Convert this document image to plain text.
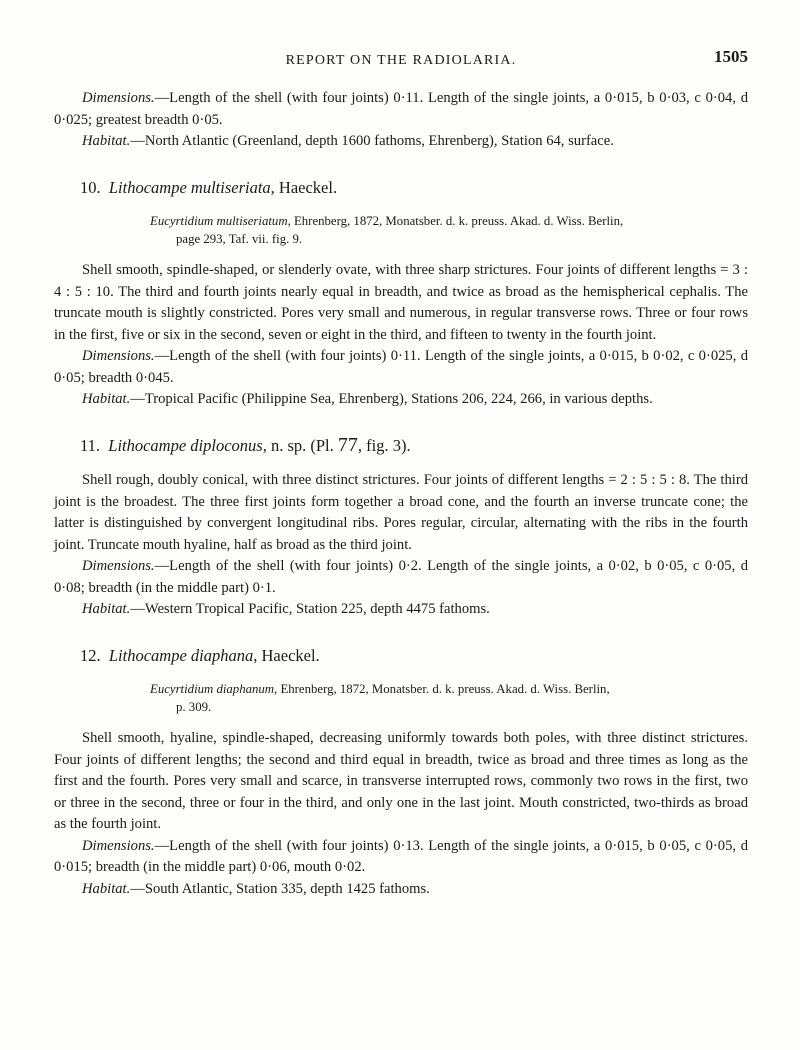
REPORT ON THE RADIOLARIA.	1505

Dimensions.—Length of the shell (with four joints) 0·11. Length of the single joints, a 0·015, b 0·03, c 0·04, d 0·025; greatest breadth 0·05.

Habitat.—North Atlantic (Greenland, depth 1600 fathoms, Ehrenberg), Station 64, surface.

10. Lithocampe multiseriata, Haeckel.
Eucyrtidium multiseriatum, Ehrenberg, 1872, Monatsber. d. k. preuss. Akad. d. Wiss. Berlin,
page 293, Taf. vii. fig. 9.

Shell smooth, spindle-shaped, or slenderly ovate, with three sharp strictures. Four joints of different lengths = 3 : 4 : 5 : 10. The third and fourth joints nearly equal in breadth, and twice as broad as the hemispherical cephalis. The truncate mouth is slightly constricted. Pores very small and numerous, in regular transverse rows. Three or four rows in the first, five or six in the second, seven or eight in the third, and fifteen to twenty in the fourth joint.

Dimensions.—Length of the shell (with four joints) 0·11. Length of the single joints, a 0·015, b 0·02, c 0·025, d 0·05; breadth 0·045.

Habitat.—Tropical Pacific (Philippine Sea, Ehrenberg), Stations 206, 224, 266, in various depths.

11. Lithocampe diploconus, n. sp. (Pl. 77, fig. 3).

Shell rough, doubly conical, with three distinct strictures. Four joints of different lengths = 2 : 5 : 5 : 8. The third joint is the broadest. The three first joints form together a broad cone, and the fourth an inverse truncate cone; the latter is distinguished by convergent longitudinal ribs. Pores regular, circular, alternating with the ribs in the fourth joint. Truncate mouth hyaline, half as broad as the third joint.

Dimensions.—Length of the shell (with four joints) 0·2. Length of the single joints, a 0·02, b 0·05, c 0·05, d 0·08; breadth (in the middle part) 0·1.

Habitat.—Western Tropical Pacific, Station 225, depth 4475 fathoms.

12. Lithocampe diaphana, Haeckel.
Eucyrtidium diaphanum, Ehrenberg, 1872, Monatsber. d. k. preuss. Akad. d. Wiss. Berlin,
p. 309.

Shell smooth, hyaline, spindle-shaped, decreasing uniformly towards both poles, with three distinct strictures. Four joints of different lengths; the second and third equal in breadth, twice as broad and three times as long as the first and the fourth. Pores very small and scarce, in transverse interrupted rows, commonly two rows in the first, two or three in the second, three or four in the third, and only one in the last joint. Mouth constricted, two-thirds as broad as the fourth joint.

Dimensions.—Length of the shell (with four joints) 0·13. Length of the single joints, a 0·015, b 0·05, c 0·05, d 0·015; breadth (in the middle part) 0·06, mouth 0·02.

Habitat.—South Atlantic, Station 335, depth 1425 fathoms.
